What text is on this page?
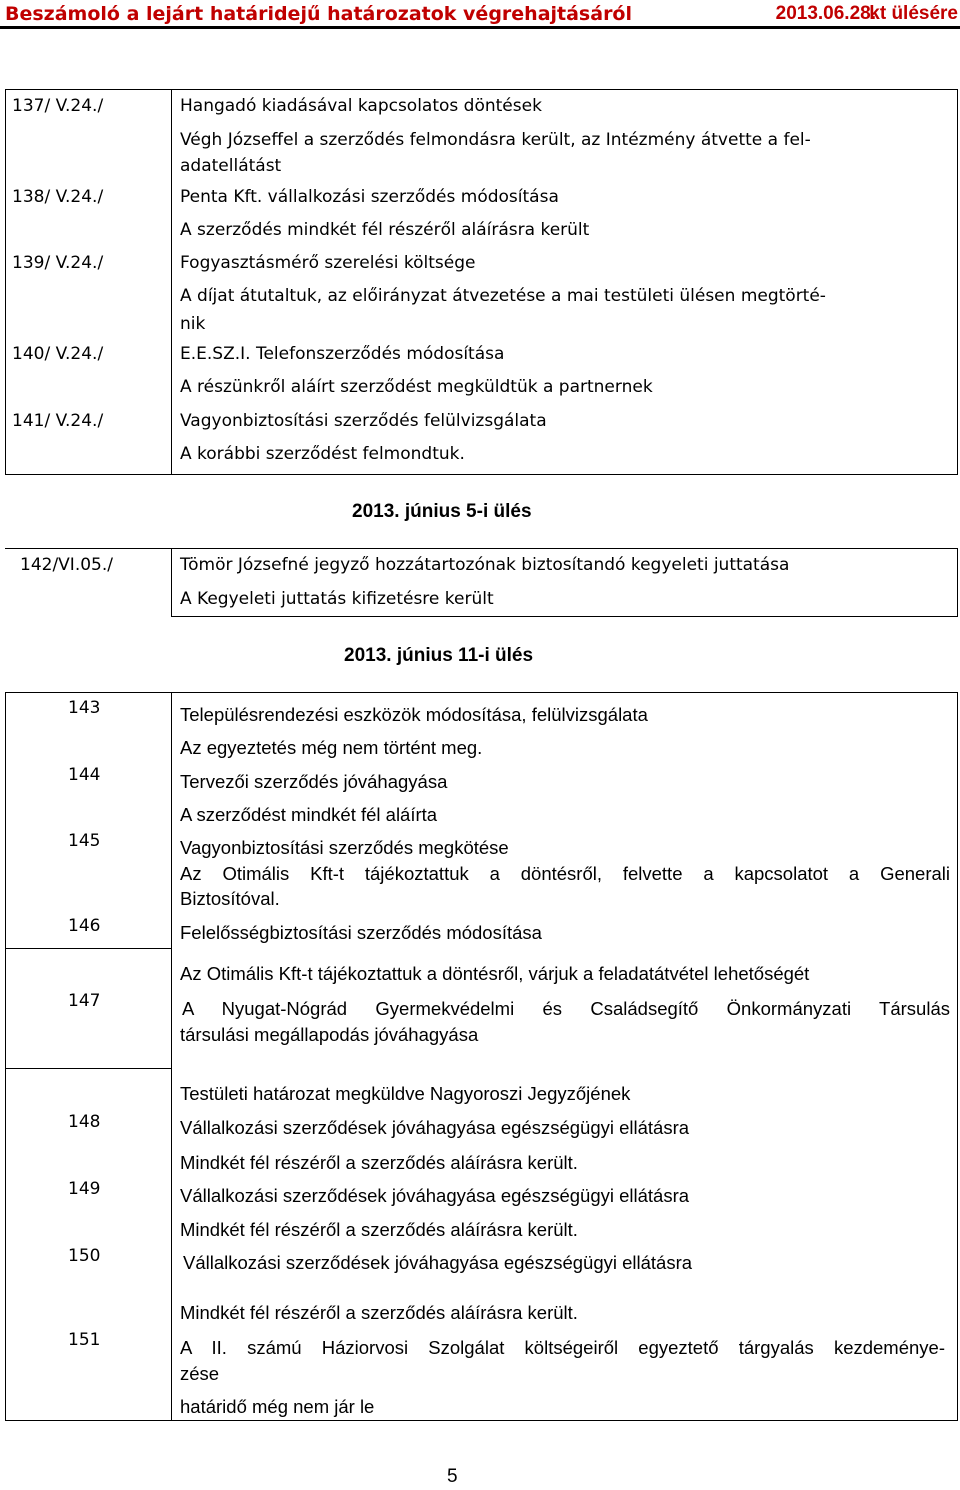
Beszámoló a lejárt határidejű határozatok végrehajtásáról	2013.06.28.
kt ülésére
137/ V.24./	Hangadó kiadásával kapcsolatos döntések
Végh Józseffel a szerződés felmondásra került, az Intézmény átvette a fel-
adatellátást
138/ V.24./	Penta Kft. vállalkozási szerződés módosítása
A szerződés mindkét fél részéről aláírásra került
139/ V.24./	Fogyasztásmérő szerelési költsége
A díjat átutaltuk, az előirányzat átvezetése a mai testületi ülésen megtörté-
nik
140/ V.24./	E.E.SZ.I. Telefonszerződés módosítása
A részünkről aláírt szerződést megküldtük a partnernek
141/ V.24./	Vagyonbiztosítási szerződés felülvizsgálata
A korábbi szerződést felmondtuk.
2013. június 5-i ülés
142/VI.05./	Tömör Józsefné jegyző hozzátartozónak biztosítandó kegyeleti juttatása
A Kegyeleti juttatás kifizetésre került
2013. június 11-i ülés
143	Településrendezési eszközök módosítása, felülvizsgálata
Az egyeztetés még nem történt meg.
144	Tervezői szerződés jóváhagyása
A szerződést mindkét fél aláírta
145	Vagyonbiztosítási szerződés megkötése
Az Otimális Kft-t tájékoztattuk a döntésről, felvette a kapcsolatot a Generali
Biztosítóval.
146	Felelősségbiztosítási szerződés módosítása
Az Otimális Kft-t tájékoztattuk a döntésről, várjuk a feladatátvétel lehetőségét
147	A Nyugat-Nógrád Gyermekvédelmi és Családsegítő Önkormányzati Társulás
társulási megállapodás jóváhagyása
Testületi határozat megküldve Nagyoroszi Jegyzőjének
148	Vállalkozási szerződések jóváhagyása egészségügyi ellátásra
Mindkét fél részéről a szerződés aláírásra került.
149	Vállalkozási szerződések jóváhagyása egészségügyi ellátásra
Mindkét fél részéről a szerződés aláírásra került.
150	Vállalkozási szerződések jóváhagyása egészségügyi ellátásra
Mindkét fél részéről a szerződés aláírásra került.
151	A II. számú Háziorvosi Szolgálat költségeiről egyeztető tárgyalás kezdeménye-
zése
határidő még nem jár le
5
